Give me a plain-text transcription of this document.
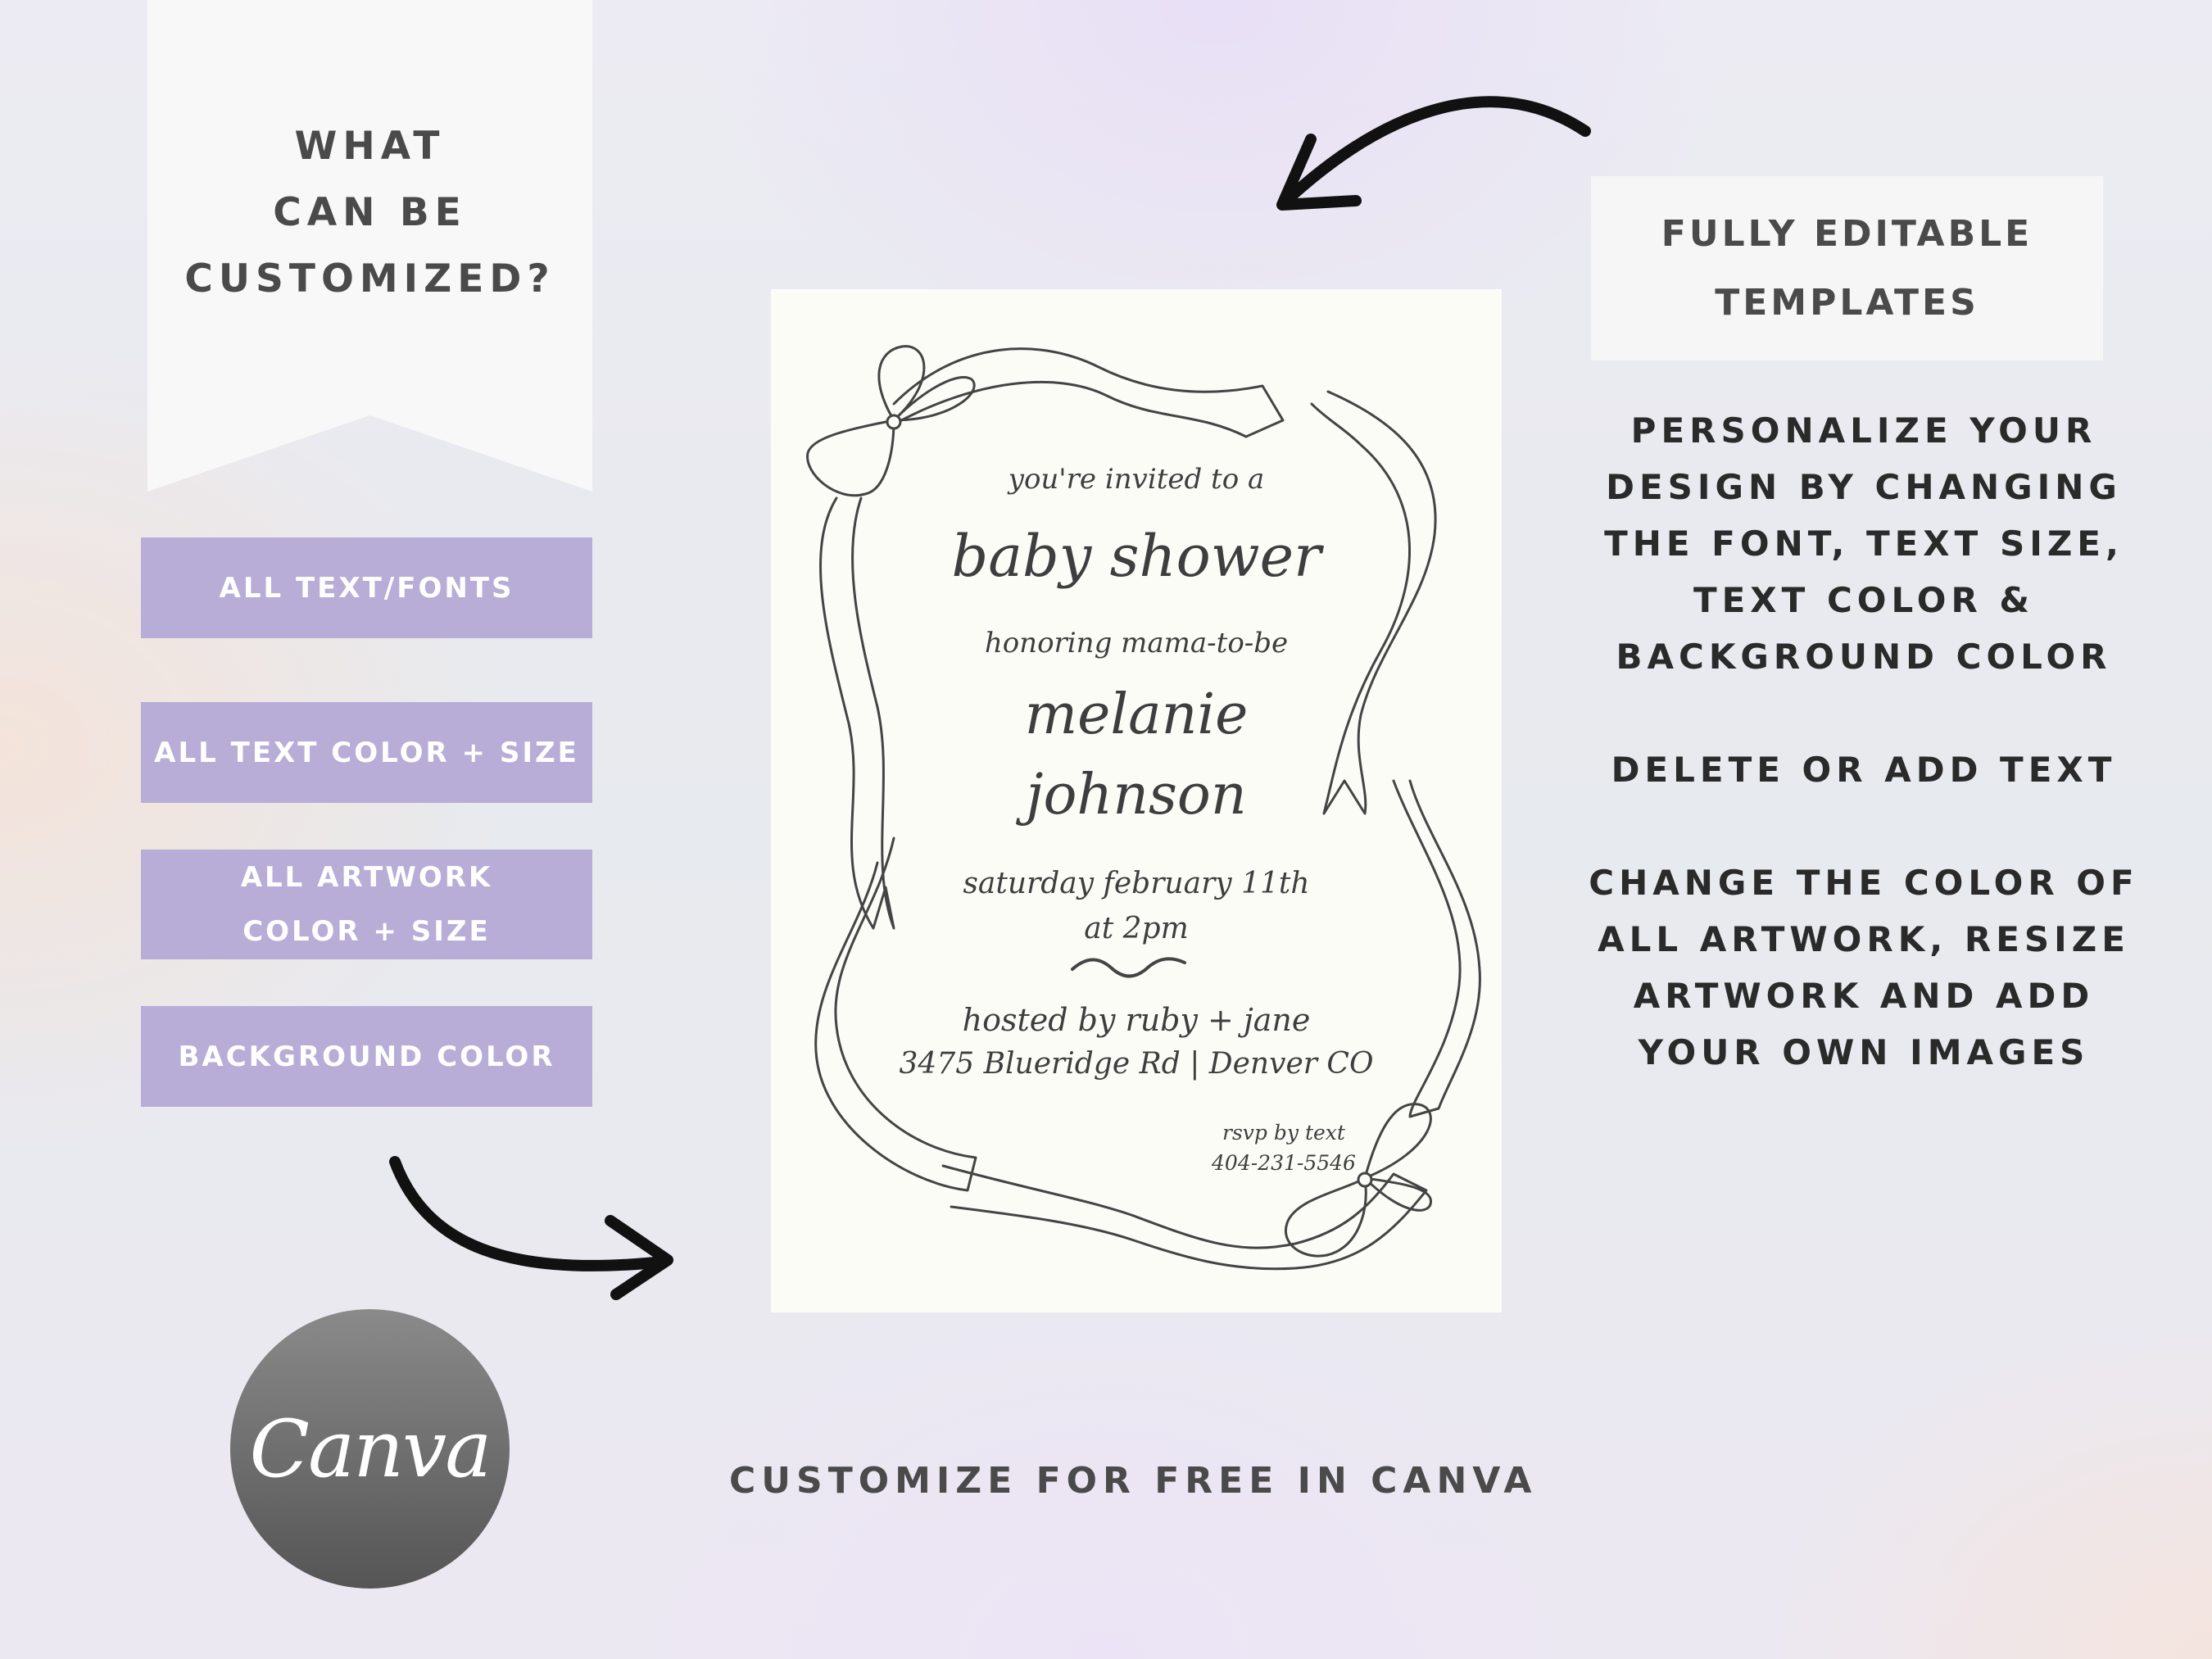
WHAT
CAN BE
CUSTOMIZED?
ALL TEXT/FONTS
ALL TEXT COLOR + SIZE
ALL ARTWORK
COLOR + SIZE
BACKGROUND COLOR
you're invited to a
baby shower
honoring mama-to-be
melanie
johnson
saturday february 11th
at 2pm
hosted by ruby + jane
3475 Blueridge Rd | Denver CO
rsvp by text
404-231-5546
FULLY EDITABLE
TEMPLATES
PERSONALIZE YOUR
DESIGN BY CHANGING
THE FONT, TEXT SIZE,
TEXT COLOR &
BACKGROUND COLOR
DELETE OR ADD TEXT
CHANGE THE COLOR OF
ALL ARTWORK, RESIZE
ARTWORK AND ADD
YOUR OWN IMAGES
Canva	CUSTOMIZE FOR FREE IN CANVA
